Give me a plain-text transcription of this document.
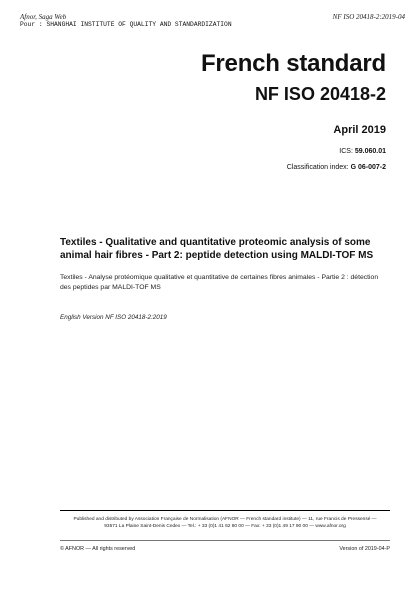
Afnor, Saga Web	NF ISO 20418-2:2019-04
Pour : SHANGHAI INSTITUTE OF QUALITY AND STANDARDIZATION
French standard
NF ISO 20418-2
April 2019
ICS: 59.060.01
Classification index: G 06-007-2
Textiles - Qualitative and quantitative proteomic analysis of some animal hair fibres - Part 2: peptide detection using MALDI-TOF MS
Textiles - Analyse protéomique qualitative et quantitative de certaines fibres animales - Partie 2 : détection des peptides par MALDI-TOF MS
English Version NF ISO 20418-2:2019
Published and distributed by Association Française de Normalisation (AFNOR — French standard institute) — 11, rue Francis de Pressensé —
93571 La Plaine Saint-Denis Cedex — Tel.: + 33 (0)1 41 62 80 00 — Fax: + 33 (0)1 49 17 90 00 — www.afnor.org
© AFNOR — All rights reserved	Version of 2019-04-P
